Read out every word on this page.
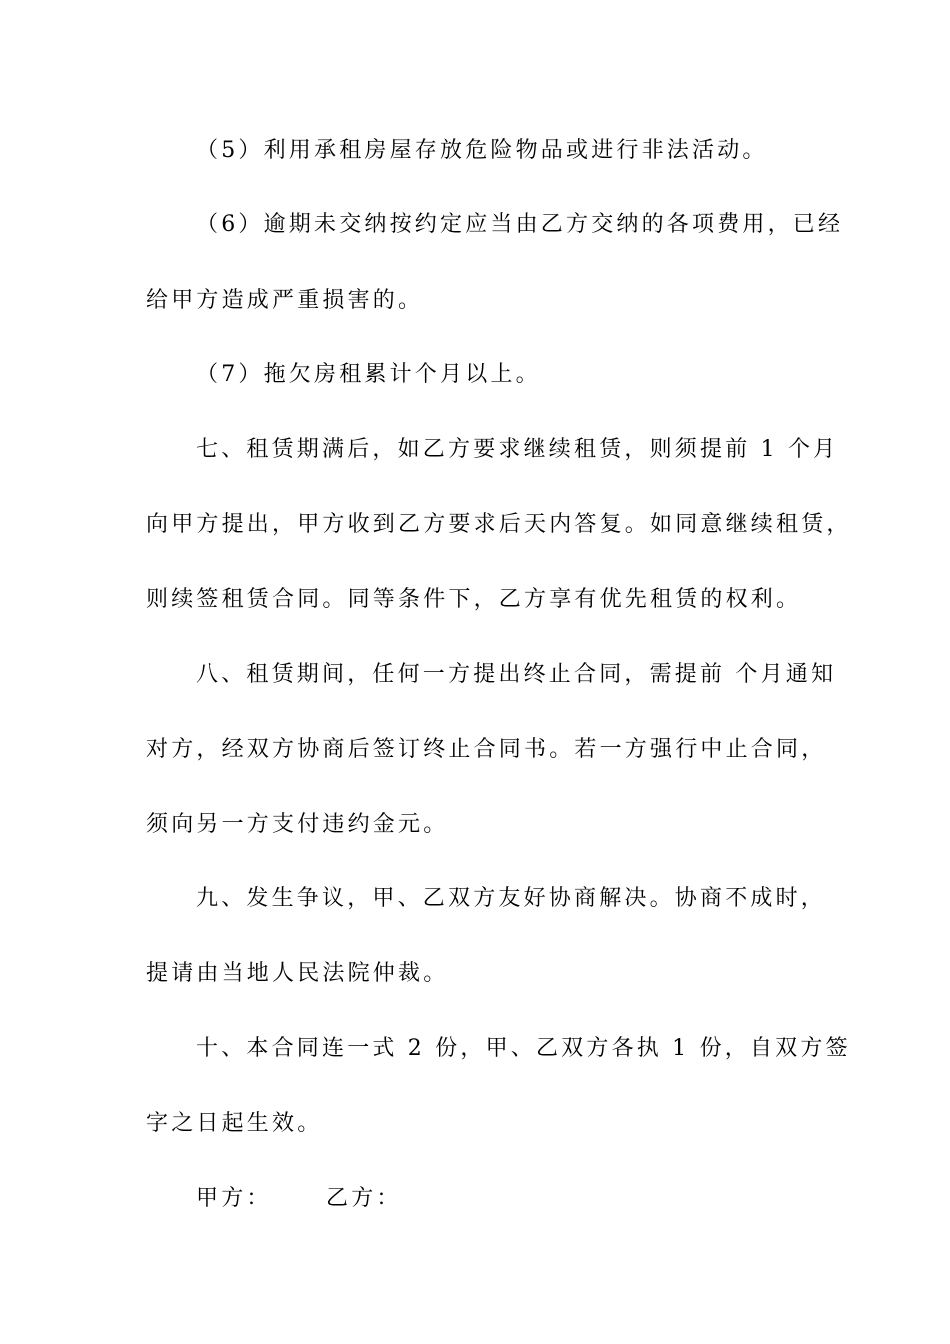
（5）利用承租房屋存放危险物品或进行非法活动。
（6）逾期未交纳按约定应当由乙方交纳的各项费用，已经
给甲方造成严重损害的。
（7）拖欠房租累计个月以上。
七、租赁期满后，如乙方要求继续租赁，则须提前 1 个月
向甲方提出，甲方收到乙方要求后天内答复。如同意继续租赁，
则续签租赁合同。同等条件下，乙方享有优先租赁的权利。
八、租赁期间，任何一方提出终止合同，需提前 个月通知
对方，经双方协商后签订终止合同书。若一方强行中止合同，
须向另一方支付违约金元。
九、发生争议，甲、乙双方友好协商解决。协商不成时，
提请由当地人民法院仲裁。
十、本合同连一式 2 份，甲、乙双方各执 1 份，自双方签
字之日起生效。
甲方：	乙方：
